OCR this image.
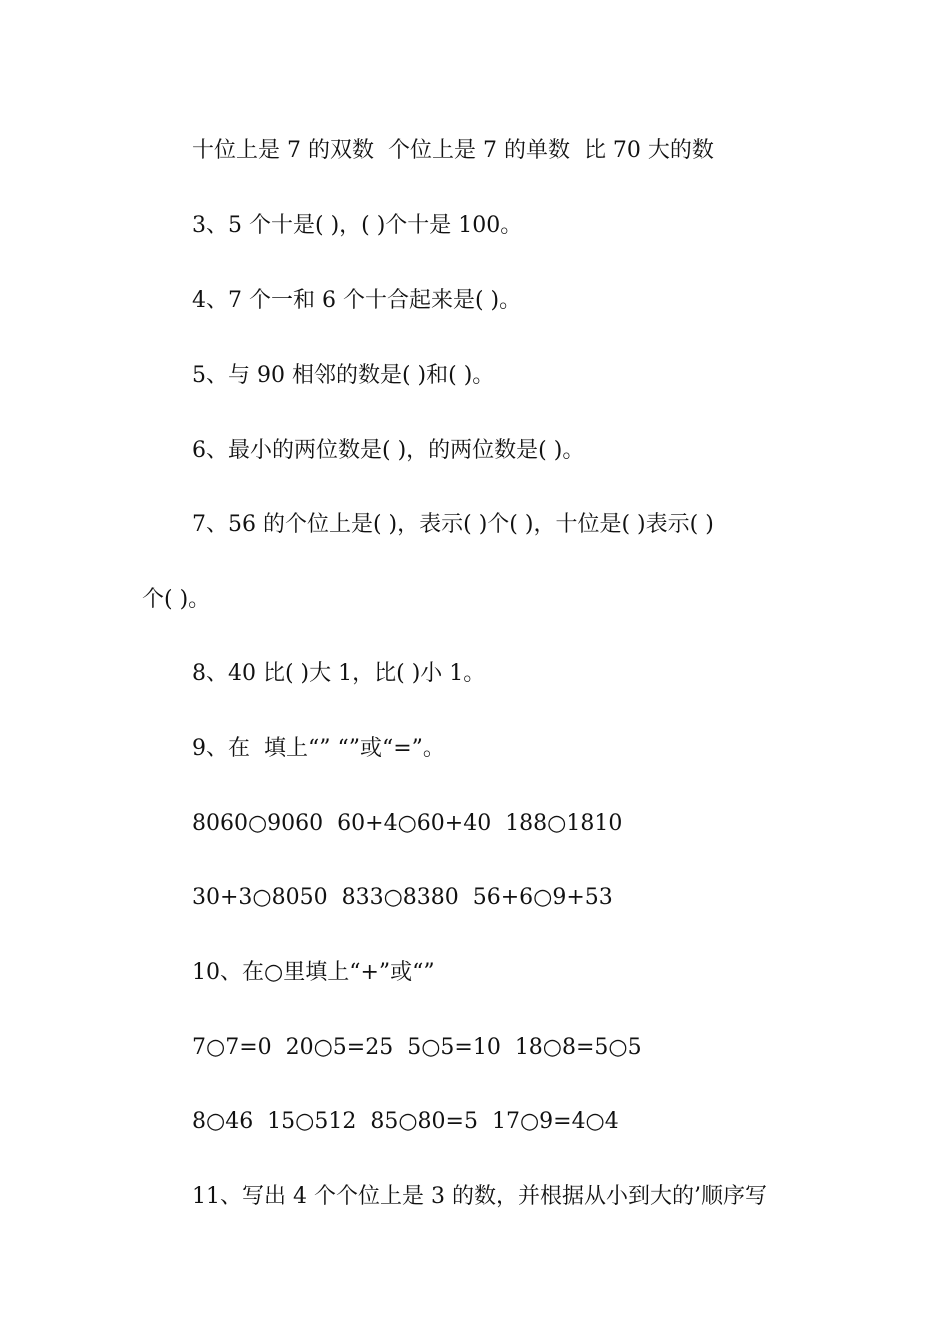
十位上是 7 的双数  个位上是 7 的单数  比 70 大的数
3、5 个十是( )，( )个十是 100。
4、7 个一和 6 个十合起来是( )。
5、与 90 相邻的数是( )和( )。
6、最小的两位数是( )，的两位数是( )。
7、56 的个位上是( )，表示( )个( )，十位是( )表示( )
个( )。
8、40 比( )大 1，比( )小 1。
9、在  填上“” “”或“=”。
8060○9060  60+4○60+40  188○1810
30+3○8050  833○8380  56+6○9+53
10、在○里填上“+”或“”
7○7=0  20○5=25  5○5=10  18○8=5○5
8○46  15○512  85○80=5  17○9=4○4
11、写出 4 个个位上是 3 的数，并根据从小到大的’顺序写
